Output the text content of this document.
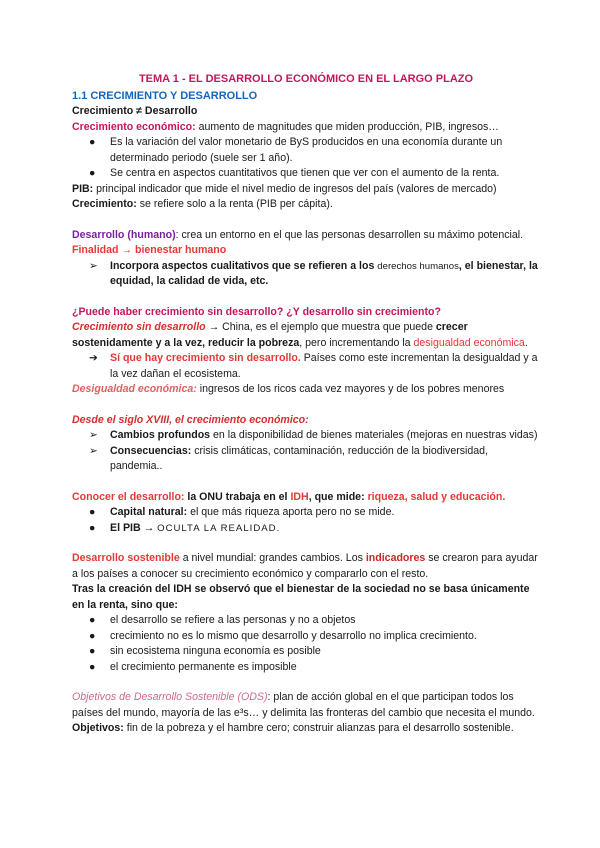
TEMA 1 - EL DESARROLLO ECONÓMICO EN EL LARGO PLAZO

1.1 CRECIMIENTO Y DESARROLLO

Crecimiento ≠ Desarrollo

Crecimiento económico: aumento de magnitudes que miden producción, PIB, ingresos…

● Es la variación del valor monetario de ByS producidos en una economía durante un determinado periodo (suele ser 1 año).
● Se centra en aspectos cuantitativos que tienen que ver con el aumento de la renta.

PIB: principal indicador que mide el nivel medio de ingresos del país (valores de mercado)

Crecimiento: se refiere solo a la renta (PIB per cápita).

Desarrollo (humano): crea un entorno en el que las personas desarrollen su máximo potencial. Finalidad → bienestar humano

➢ Incorpora aspectos cualitativos que se refieren a los derechos humanos, el bienestar, la equidad, la calidad de vida, etc.

¿Puede haber crecimiento sin desarrollo? ¿Y desarrollo sin crecimiento?

Crecimiento sin desarrollo → China, es el ejemplo que muestra que puede crecer sostenidamente y a la vez, reducir la pobreza, pero incrementando la desigualdad económica.

➔ Sí que hay crecimiento sin desarrollo. Países como este incrementan la desigualdad y a la vez dañan el ecosistema.

Desigualdad económica: ingresos de los ricos cada vez mayores y de los pobres menores

Desde el siglo XVIII, el crecimiento económico:

➢ Cambios profundos en la disponibilidad de bienes materiales (mejoras en nuestras vidas)
➢ Consecuencias: crisis climáticas, contaminación, reducción de la biodiversidad, pandemia..

Conocer el desarrollo: la ONU trabaja en el IDH, que mide: riqueza, salud y educación.

● Capital natural: el que más riqueza aporta pero no se mide.
● El PIB → OCULTA LA REALIDAD.

Desarrollo sostenible a nivel mundial: grandes cambios. Los indicadores se crearon para ayudar a los países a conocer su crecimiento económico y compararlo con el resto.

Tras la creación del IDH se observó que el bienestar de la sociedad no se basa únicamente en la renta, sino que:

● el desarrollo se refiere a las personas y no a objetos
● crecimiento no es lo mismo que desarrollo y desarrollo no implica crecimiento.
● sin ecosistema ninguna economía es posible
● el crecimiento permanente es imposible

Objetivos de Desarrollo Sostenible (ODS): plan de acción global en el que participan todos los países del mundo, mayoría de las e³s… y delimita las fronteras del cambio que necesita el mundo.

Objetivos: fin de la pobreza y el hambre cero; construir alianzas para el desarrollo sostenible.
